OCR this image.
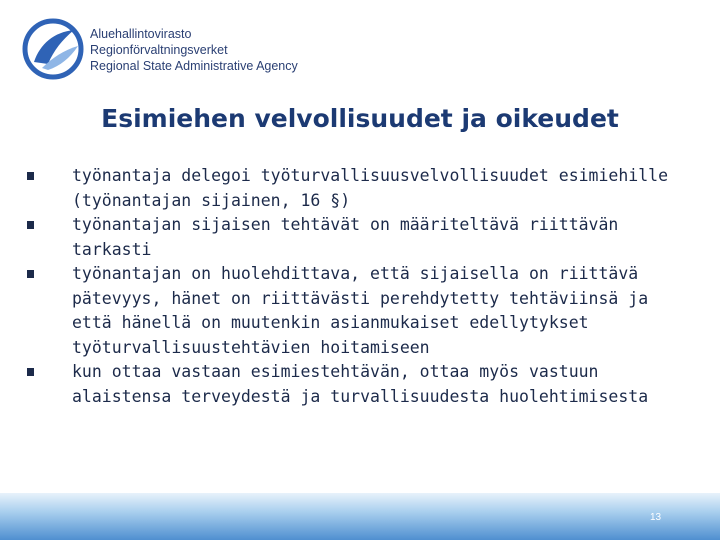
Aluehallintovirasto
Regionförvaltningsverket
Regional State Administrative Agency
Esimiehen velvollisuudet ja oikeudet
työnantaja delegoi työturvallisuusvelvollisuudet esimiehille
(työnantajan sijainen, 16 §)
työnantajan sijaisen tehtävät on määriteltävä riittävän
tarkasti
työnantajan on huolehdittava, että sijaisella on riittävä
pätevyys, hänet on riittävästi perehdytetty tehtäviinsä ja
että hänellä on muutenkin asianmukaiset edellytykset
työturvallisuustehtävien hoitamiseen
kun ottaa vastaan esimiestehtävän, ottaa myös vastuun
alaistensa terveydestä ja turvallisuudesta huolehtimisesta
13
